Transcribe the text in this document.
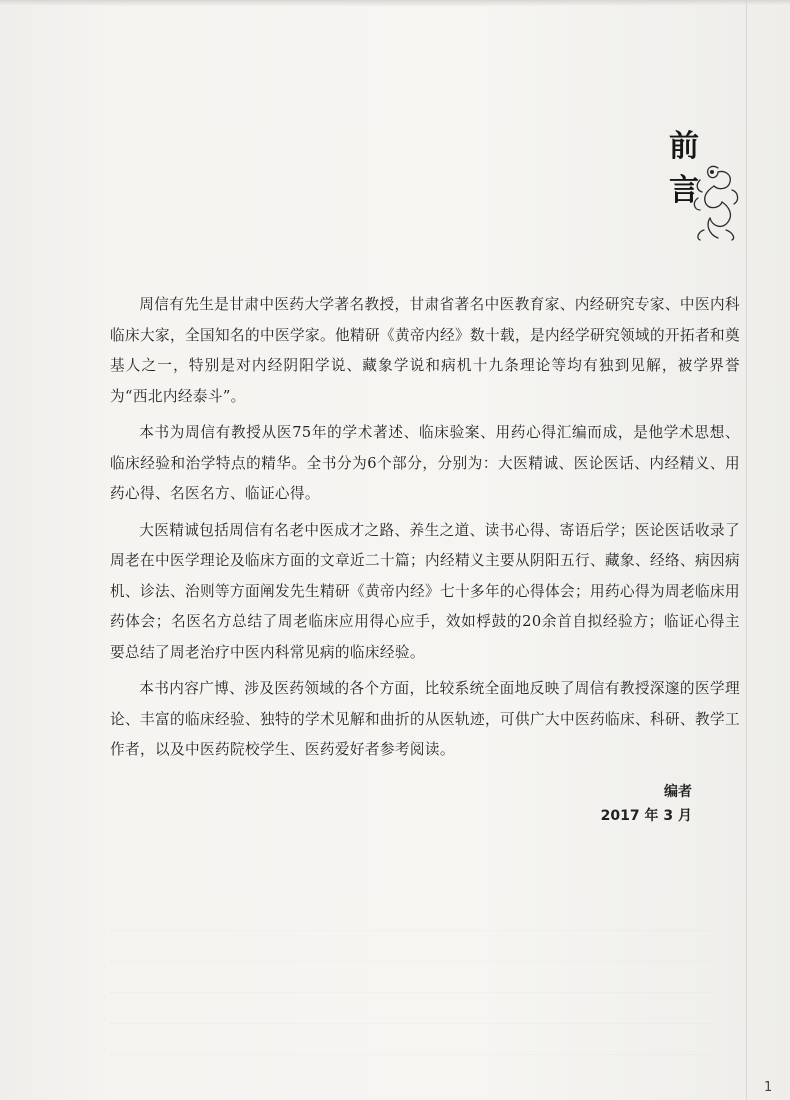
前
言

周信有先生是甘肃中医药大学著名教授，甘肃省著名中医教育家、内经研究专家、中医内科临床大家，全国知名的中医学家。他精研《黄帝内经》数十载，是内经学研究领域的开拓者和奠基人之一，特别是对内经阴阳学说、藏象学说和病机十九条理论等均有独到见解，被学界誉为“西北内经泰斗”。

本书为周信有教授从医75年的学术著述、临床验案、用药心得汇编而成，是他学术思想、临床经验和治学特点的精华。全书分为6个部分，分别为：大医精诚、医论医话、内经精义、用药心得、名医名方、临证心得。

大医精诚包括周信有名老中医成才之路、养生之道、读书心得、寄语后学；医论医话收录了周老在中医学理论及临床方面的文章近二十篇；内经精义主要从阴阳五行、藏象、经络、病因病机、诊法、治则等方面阐发先生精研《黄帝内经》七十多年的心得体会；用药心得为周老临床用药体会；名医名方总结了周老临床应用得心应手，效如桴鼓的20余首自拟经验方；临证心得主要总结了周老治疗中医内科常见病的临床经验。

本书内容广博、涉及医药领域的各个方面，比较系统全面地反映了周信有教授深邃的医学理论、丰富的临床经验、独特的学术见解和曲折的从医轨迹，可供广大中医药临床、科研、教学工作者，以及中医药院校学生、医药爱好者参考阅读。

编者
2017 年 3 月
1
